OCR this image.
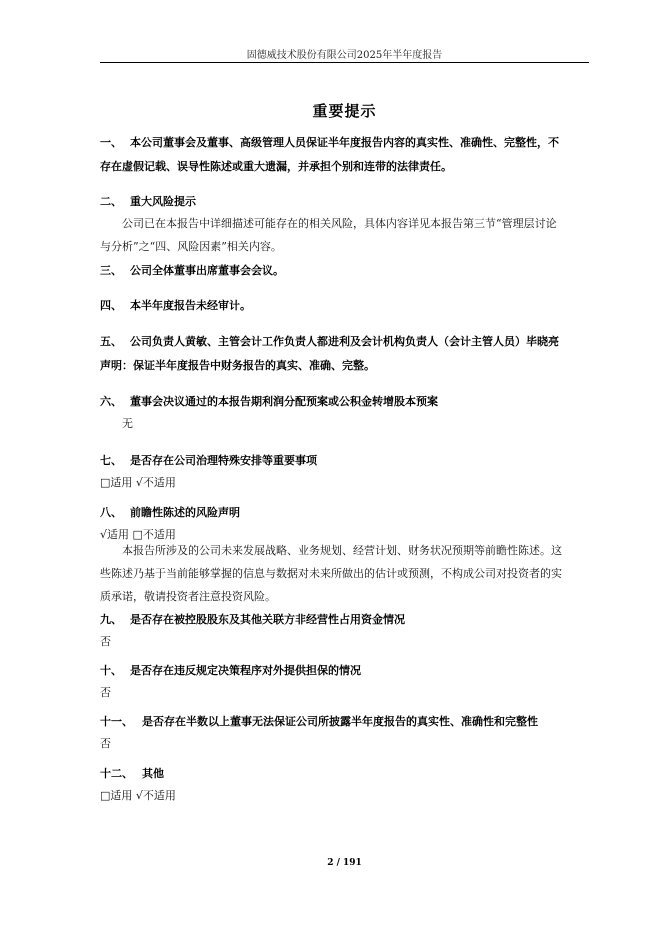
固德威技术股份有限公司2025年半年度报告
重要提示
一、 本公司董事会及董事、高级管理人员保证半年度报告内容的真实性、准确性、完整性，不
存在虚假记载、误导性陈述或重大遗漏，并承担个别和连带的法律责任。
二、 重大风险提示
公司已在本报告中详细描述可能存在的相关风险，具体内容详见本报告第三节“管理层讨论
与分析”之“四、风险因素”相关内容。
三、 公司全体董事出席董事会会议。
四、 本半年度报告未经审计。
五、 公司负责人黄敏、主管会计工作负责人都进利及会计机构负责人（会计主管人员）毕晓亮
声明：保证半年度报告中财务报告的真实、准确、完整。
六、 董事会决议通过的本报告期利润分配预案或公积金转增股本预案
无
七、 是否存在公司治理特殊安排等重要事项
□适用 √不适用
八、 前瞻性陈述的风险声明
√适用 □不适用
本报告所涉及的公司未来发展战略、业务规划、经营计划、财务状况预期等前瞻性陈述。这
些陈述乃基于当前能够掌握的信息与数据对未来所做出的估计或预测，不构成公司对投资者的实
质承诺，敬请投资者注意投资风险。
九、 是否存在被控股股东及其他关联方非经营性占用资金情况
否
十、 是否存在违反规定决策程序对外提供担保的情况
否
十一、 是否存在半数以上董事无法保证公司所披露半年度报告的真实性、准确性和完整性
否
十二、 其他
□适用 √不适用
2 / 191
